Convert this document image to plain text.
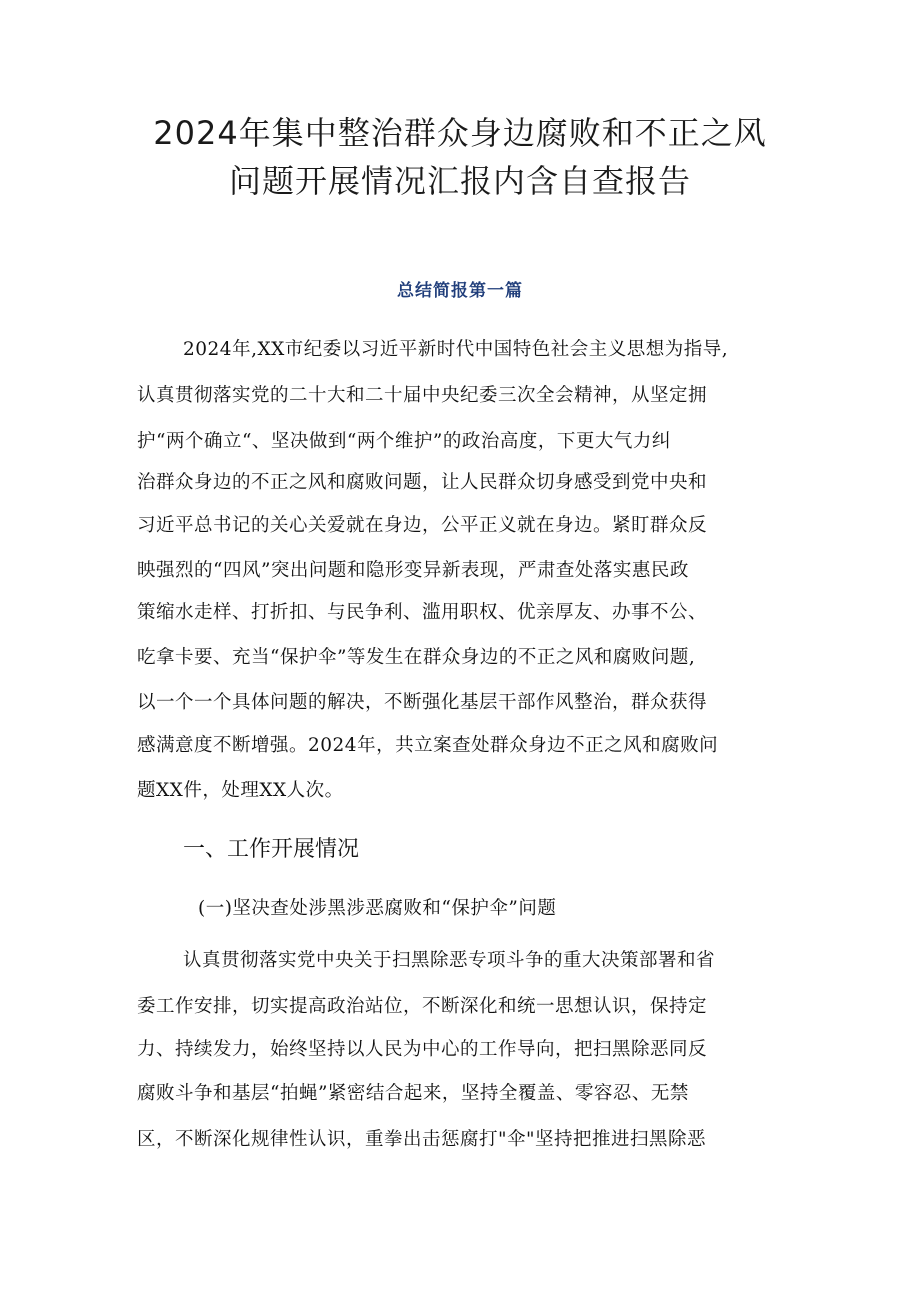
2024年集中整治群众身边腐败和不正之风
问题开展情况汇报内含自查报告
总结简报第一篇
2024年,XX市纪委以习近平新时代中国特色社会主义思想为指导,
认真贯彻落实党的二十大和二十届中央纪委三次全会精神，从坚定拥
护“两个确立“、坚决做到“两个维护”的政治高度，下更大气力纠
治群众身边的不正之风和腐败问题，让人民群众切身感受到党中央和
习近平总书记的关心关爱就在身边，公平正义就在身边。紧盯群众反
映强烈的“四风”突出问题和隐形变异新表现，严肃查处落实惠民政
策缩水走样、打折扣、与民争利、滥用职权、优亲厚友、办事不公、
吃拿卡要、充当“保护伞”等发生在群众身边的不正之风和腐败问题,
以一个一个具体问题的解决，不断强化基层干部作风整治，群众获得
感满意度不断增强。2024年，共立案查处群众身边不正之风和腐败问
题XX件，处理XX人次。
一、工作开展情况
(一)坚决查处涉黑涉恶腐败和“保护伞”问题
认真贯彻落实党中央关于扫黑除恶专项斗争的重大决策部署和省
委工作安排，切实提高政治站位，不断深化和统一思想认识，保持定
力、持续发力，始终坚持以人民为中心的工作导向，把扫黑除恶同反
腐败斗争和基层“拍蝇”紧密结合起来，坚持全覆盖、零容忍、无禁
区，不断深化规律性认识，重拳出击惩腐打"伞"坚持把推进扫黑除恶
